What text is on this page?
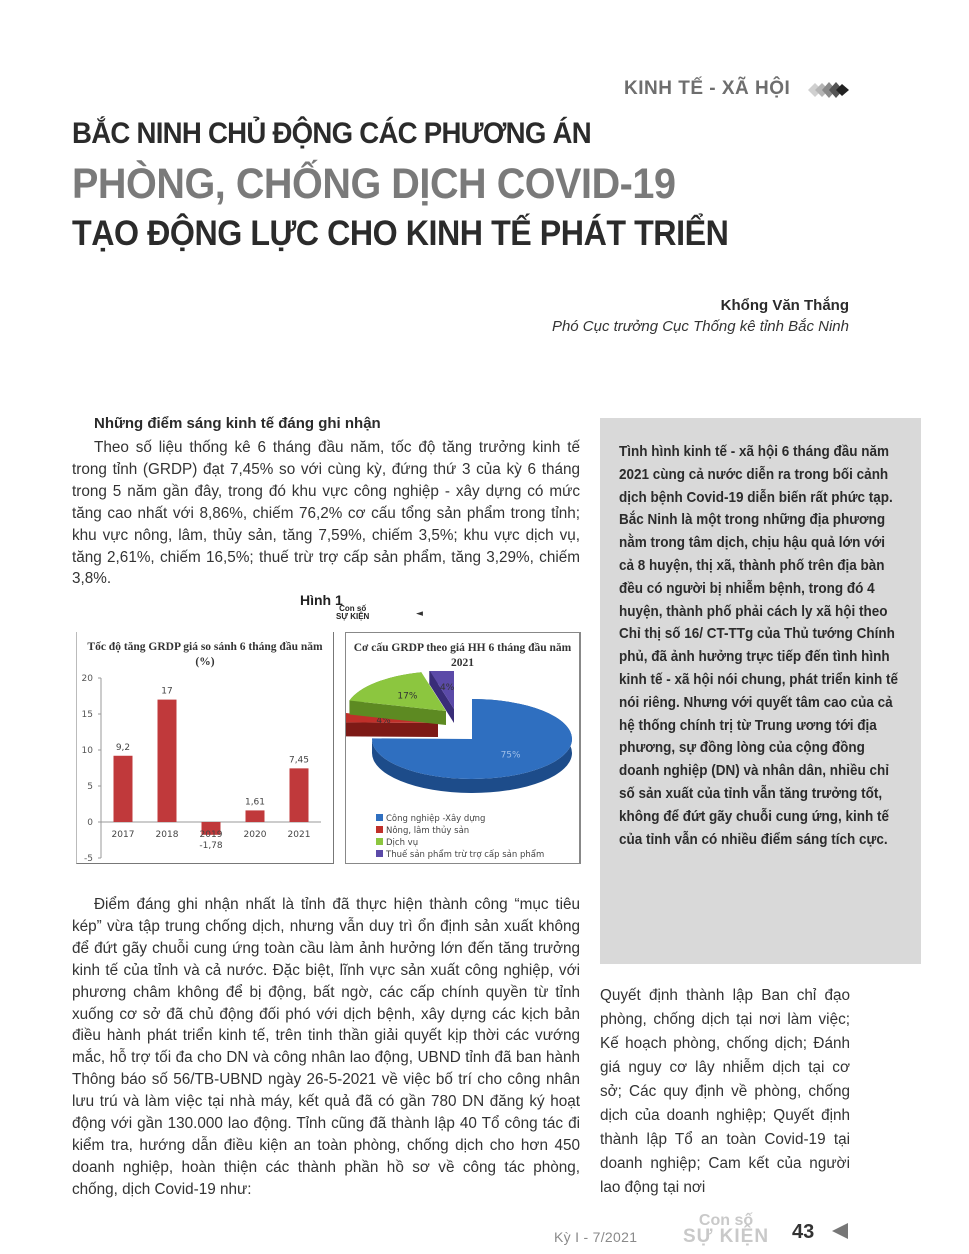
KINH TẾ - XÃ HỘI
BẮC NINH CHỦ ĐỘNG CÁC PHƯƠNG ÁN
PHÒNG, CHỐNG DỊCH COVID-19
TẠO ĐỘNG LỰC CHO KINH TẾ PHÁT TRIỂN
Khổng Văn Thắng
Phó Cục trưởng Cục Thống kê tỉnh Bắc Ninh
Những điểm sáng kinh tế đáng ghi nhận

Theo số liệu thống kê 6 tháng đầu năm, tốc độ tăng trưởng kinh tế trong tỉnh (GRDP) đạt 7,45% so với cùng kỳ, đứng thứ 3 của kỳ 6 tháng trong 5 năm gần đây, trong đó khu vực công nghiệp - xây dựng có mức tăng cao nhất với 8,86%, chiếm 76,2% cơ cấu tổng sản phẩm trong tỉnh; khu vực nông, lâm, thủy sản, tăng 7,59%, chiếm 3,5%; khu vực dịch vụ, tăng 2,61%, chiếm 16,5%; thuế trừ trợ cấp sản phẩm, tăng 3,29%, chiếm 3,8%.

Hình 1
Con số
SỰ KIỆN	◄
Tốc độ tăng GRDP giá so sánh 6 tháng đầu năm (%)
20
15
10
5
0
-5
9,2
2017
17
2018
-1,78
2019
1,61
2020
7,45
2021
Cơ cấu GRDP theo giá HH 6 tháng đầu năm 2021
75%
4%
17%
4%
Công nghiệp -Xây dựng
Nông, lâm thủy sản
Dịch vụ
Thuế sản phẩm trừ trợ cấp sản phẩm

Điểm đáng ghi nhận nhất là tỉnh đã thực hiện thành công “mục tiêu kép” vừa tập trung chống dịch, nhưng vẫn duy trì ổn định sản xuất không để đứt gãy chuỗi cung ứng toàn cầu làm ảnh hưởng lớn đến tăng trưởng kinh tế của tỉnh và cả nước. Đặc biệt, lĩnh vực sản xuất công nghiệp, với phương châm không để bị động, bất ngờ, các cấp chính quyền từ tỉnh xuống cơ sở đã chủ động đối phó với dịch bệnh, xây dựng các kịch bản điều hành phát triển kinh tế, trên tinh thần giải quyết kịp thời các vướng mắc, hỗ trợ tối đa cho DN và công nhân lao động, UBND tỉnh đã ban hành Thông báo số 56/TB-UBND ngày 26-5-2021 về việc bố trí cho công nhân lưu trú và làm việc tại nhà máy, kết quả đã có gần 780 DN đăng ký hoạt động với gần 130.000 lao động. Tỉnh cũng đã thành lập 40 Tổ công tác đi kiểm tra, hướng dẫn điều kiện an toàn phòng, chống dịch cho hơn 450 doanh nghiệp, hoàn thiện các thành phần hồ sơ về công tác phòng, chống, dịch Covid-19 như:

Tình hình kinh tế - xã hội 6 tháng đầu năm 2021 cùng cả nước diễn ra trong bối cảnh dịch bệnh Covid-19 diễn biến rất phức tạp. Bắc Ninh là một trong những địa phương nằm trong tâm dịch, chịu hậu quả lớn với cả 8 huyện, thị xã, thành phố trên địa bàn đều có người bị nhiễm bệnh, trong đó 4 huyện, thành phố phải cách ly xã hội theo Chỉ thị số 16/ CT-TTg của Thủ tướng Chính phủ, đã ảnh hưởng trực tiếp đến tình hình kinh tế - xã hội nói chung, phát triển kinh tế nói riêng. Nhưng với quyết tâm cao của cả hệ thống chính trị từ Trung ương tới địa phương, sự đồng lòng của cộng đồng doanh nghiệp (DN) và nhân dân, nhiều chỉ số sản xuất của tỉnh vẫn tăng trưởng tốt, không để đứt gãy chuỗi cung ứng, kinh tế của tỉnh vẫn có nhiều điểm sáng tích cực.

Quyết định thành lập Ban chỉ đạo phòng, chống dịch tại nơi làm việc; Kế hoạch phòng, chống dịch; Đánh giá nguy cơ lây nhiễm dịch tại cơ sở; Các quy định về phòng, chống dịch của doanh nghiệp; Quyết định thành lập Tổ an toàn Covid-19 tại doanh nghiệp; Cam kết của người lao động tại nơi

Kỳ I - 7/2021
Con số
SỰ KIỆN	43
